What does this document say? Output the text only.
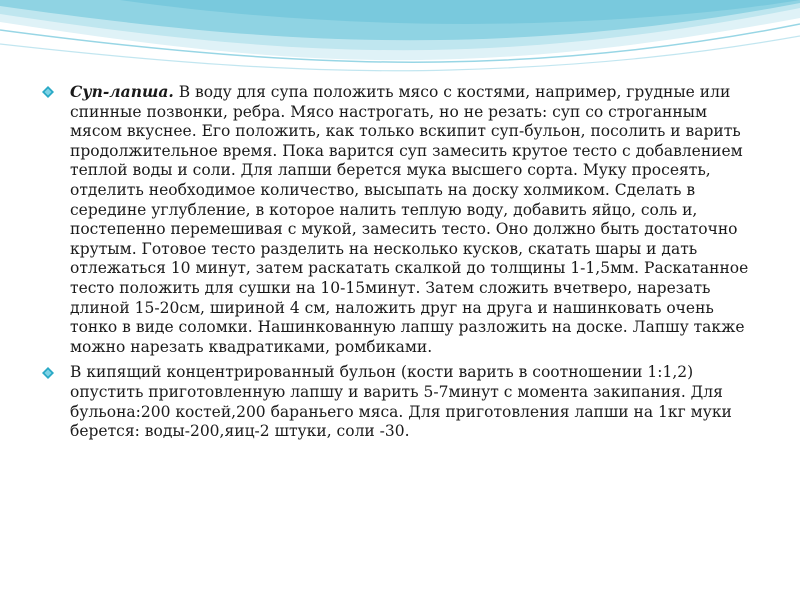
Суп-лапша. В воду для супа положить мясо с костями, например, грудные или спинные позвонки, ребра. Мясо настрогать, но не резать: суп со строганным мясом вкуснее. Его положить, как только вскипит суп-бульон, посолить и варить продолжительное время. Пока варится суп замесить крутое тесто с добавлением теплой воды и соли. Для лапши берется мука высшего сорта. Муку просеять, отделить необходимое количество, высыпать на доску холмиком. Сделать в середине углубление, в которое налить теплую воду, добавить яйцо, соль и, постепенно перемешивая с мукой, замесить тесто. Оно должно быть достаточно крутым. Готовое тесто разделить на несколько кусков, скатать шары и дать отлежаться 10 минут, затем раскатать скалкой до толщины 1-1,5мм. Раскатанное тесто положить для сушки на 10-15минут. Затем сложить вчетверо, нарезать длиной 15-20см, шириной 4 см, наложить друг на друга и нашинковать очень тонко в виде соломки. Нашинкованную лапшу разложить на доске. Лапшу также можно нарезать квадратиками, ромбиками.

В кипящий концентрированный бульон (кости варить в соотношении 1:1,2) опустить приготовленную лапшу и варить 5-7минут с момента закипания. Для бульона:200 костей,200 бараньего мяса. Для приготовления лапши на 1кг муки берется: воды-200,яиц-2 штуки, соли -30.
